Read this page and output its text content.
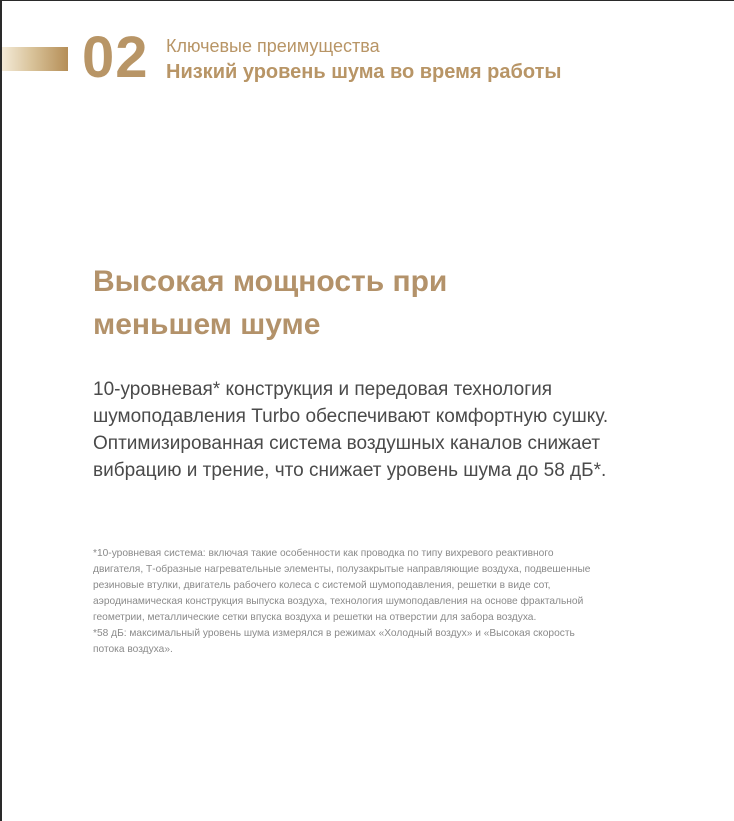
02 Ключевые преимущества
Низкий уровень шума во время работы
Высокая мощность при
меньшем шуме
10-уровневая* конструкция и передовая технология шумоподавления Turbo обеспечивают комфортную сушку. Оптимизированная система воздушных каналов снижает вибрацию и трение, что снижает уровень шума до 58 дБ*.

*10-уровневая система: включая такие особенности как проводка по типу вихревого реактивного двигателя, Т-образные нагревательные элементы, полузакрытые направляющие воздуха, подвешенные резиновые втулки, двигатель рабочего колеса с системой шумоподавления, решетки в виде сот, аэродинамическая конструкция выпуска воздуха, технология шумоподавления на основе фрактальной геометрии, металлические сетки впуска воздуха и решетки на отверстии для забора воздуха.

*58 дБ: максимальный уровень шума измерялся в режимах «Холодный воздух» и «Высокая скорость потока воздуха».
